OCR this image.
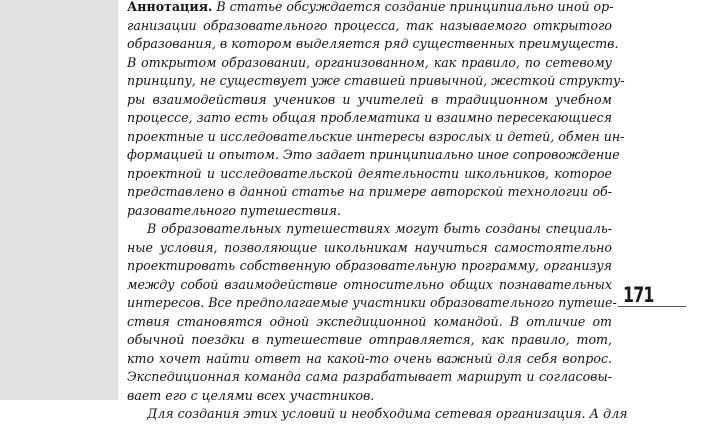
Аннотация. В статье обсуждается создание принципиально иной ор-
ганизации образовательного процесса, так называемого открытого
образования, в котором выделяется ряд существенных преимуществ.
В открытом образовании, организованном, как правило, по сетевому
принципу, не существует уже ставшей привычной, жесткой структу-
ры взаимодействия учеников и учителей в традиционном учебном
процессе, зато есть общая проблематика и взаимно пересекающиеся
проектные и исследовательские интересы взрослых и детей, обмен ин-
формацией и опытом. Это задает принципиально иное сопровождение
проектной и исследовательской деятельности школьников, которое
представлено в данной статье на примере авторской технологии об-
разовательного путешествия.
В образовательных путешествиях могут быть созданы специаль-
ные условия, позволяющие школьникам научиться самостоятельно
проектировать собственную образовательную программу, организуя
между собой взаимодействие относительно общих познавательных
интересов. Все предполагаемые участники образовательного путеше-
ствия становятся одной экспедиционной командой. В отличие от
обычной поездки в путешествие отправляется, как правило, тот,
кто хочет найти ответ на какой-то очень важный для себя вопрос.
Экспедиционная команда сама разрабатывает маршрут и согласовы-
вает его с целями всех участников.
Для создания этих условий и необходима сетевая организация. А для
171
